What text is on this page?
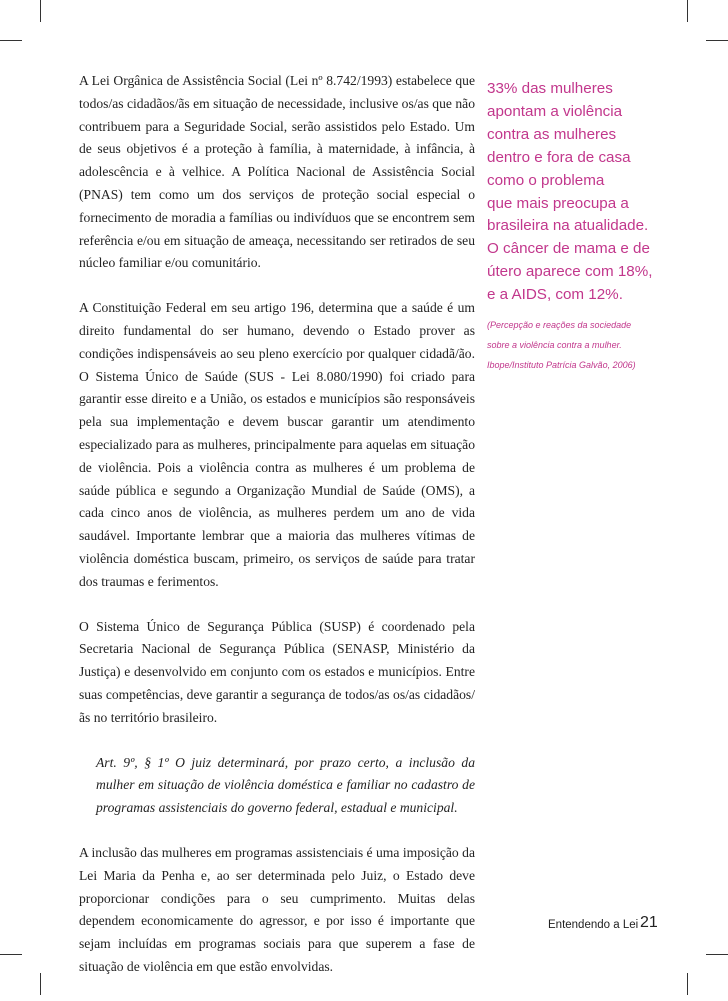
A Lei Orgânica de Assistência Social (Lei nº 8.742/1993) estabelece que todos/as cidadãos/ãs em situação de necessidade, inclusive os/as que não contribuem para a Seguridade Social, serão assistidos pelo Estado. Um de seus objetivos é a proteção à família, à maternidade, à infância, à adolescência e à velhice. A Política Nacional de Assistência Social (PNAS) tem como um dos serviços de proteção social especial o fornecimento de moradia a famílias ou indivíduos que se encontrem sem referência e/ou em situação de ameaça, necessitando ser retirados de seu núcleo familiar e/ou comunitário.

A Constituição Federal em seu artigo 196, determina que a saúde é um direito fundamental do ser humano, devendo o Estado prover as condições indispensáveis ao seu pleno exercício por qualquer cidadã/ão. O Sistema Único de Saúde (SUS - Lei 8.080/1990) foi criado para garantir esse direito e a União, os estados e municípios são responsáveis pela sua implementação e devem buscar garantir um atendimento especializado para as mulheres, principalmente para aquelas em situação de violência. Pois a violência contra as mulheres é um problema de saúde pública e segundo a Organização Mundial de Saúde (OMS), a cada cinco anos de violência, as mulheres perdem um ano de vida saudável. Importante lembrar que a maioria das mulheres vítimas de violência doméstica buscam, primeiro, os serviços de saúde para tratar dos traumas e ferimentos.

O Sistema Único de Segurança Pública (SUSP) é coordenado pela Secretaria Nacional de Segurança Pública (SENASP, Ministério da Justiça) e desenvolvido em conjunto com os estados e municípios. Entre suas competências, deve garantir a segurança de todos/as os/as cidadãos/ãs no território brasileiro.

Art. 9º, § 1º O juiz determinará, por prazo certo, a inclusão da mulher em situação de violência doméstica e familiar no cadastro de programas assistenciais do governo federal, estadual e municipal.

A inclusão das mulheres em programas assistenciais é uma imposição da Lei Maria da Penha e, ao ser determinada pelo Juiz, o Estado deve proporcionar condições para o seu cumprimento. Muitas delas dependem economicamente do agressor, e por isso é importante que sejam incluídas em programas sociais para que superem a fase de situação de violência em que estão envolvidas.

33% das mulheres
apontam a violência
contra as mulheres
dentro e fora de casa
como o problema
que mais preocupa a
brasileira na atualidade.
O câncer de mama e de
útero aparece com 18%,
e a AIDS, com 12%.
(Percepção e reações da sociedade
sobre a violência contra a mulher.
Ibope/Instituto Patrícia Galvão, 2006)
Entendendo a Lei 21
